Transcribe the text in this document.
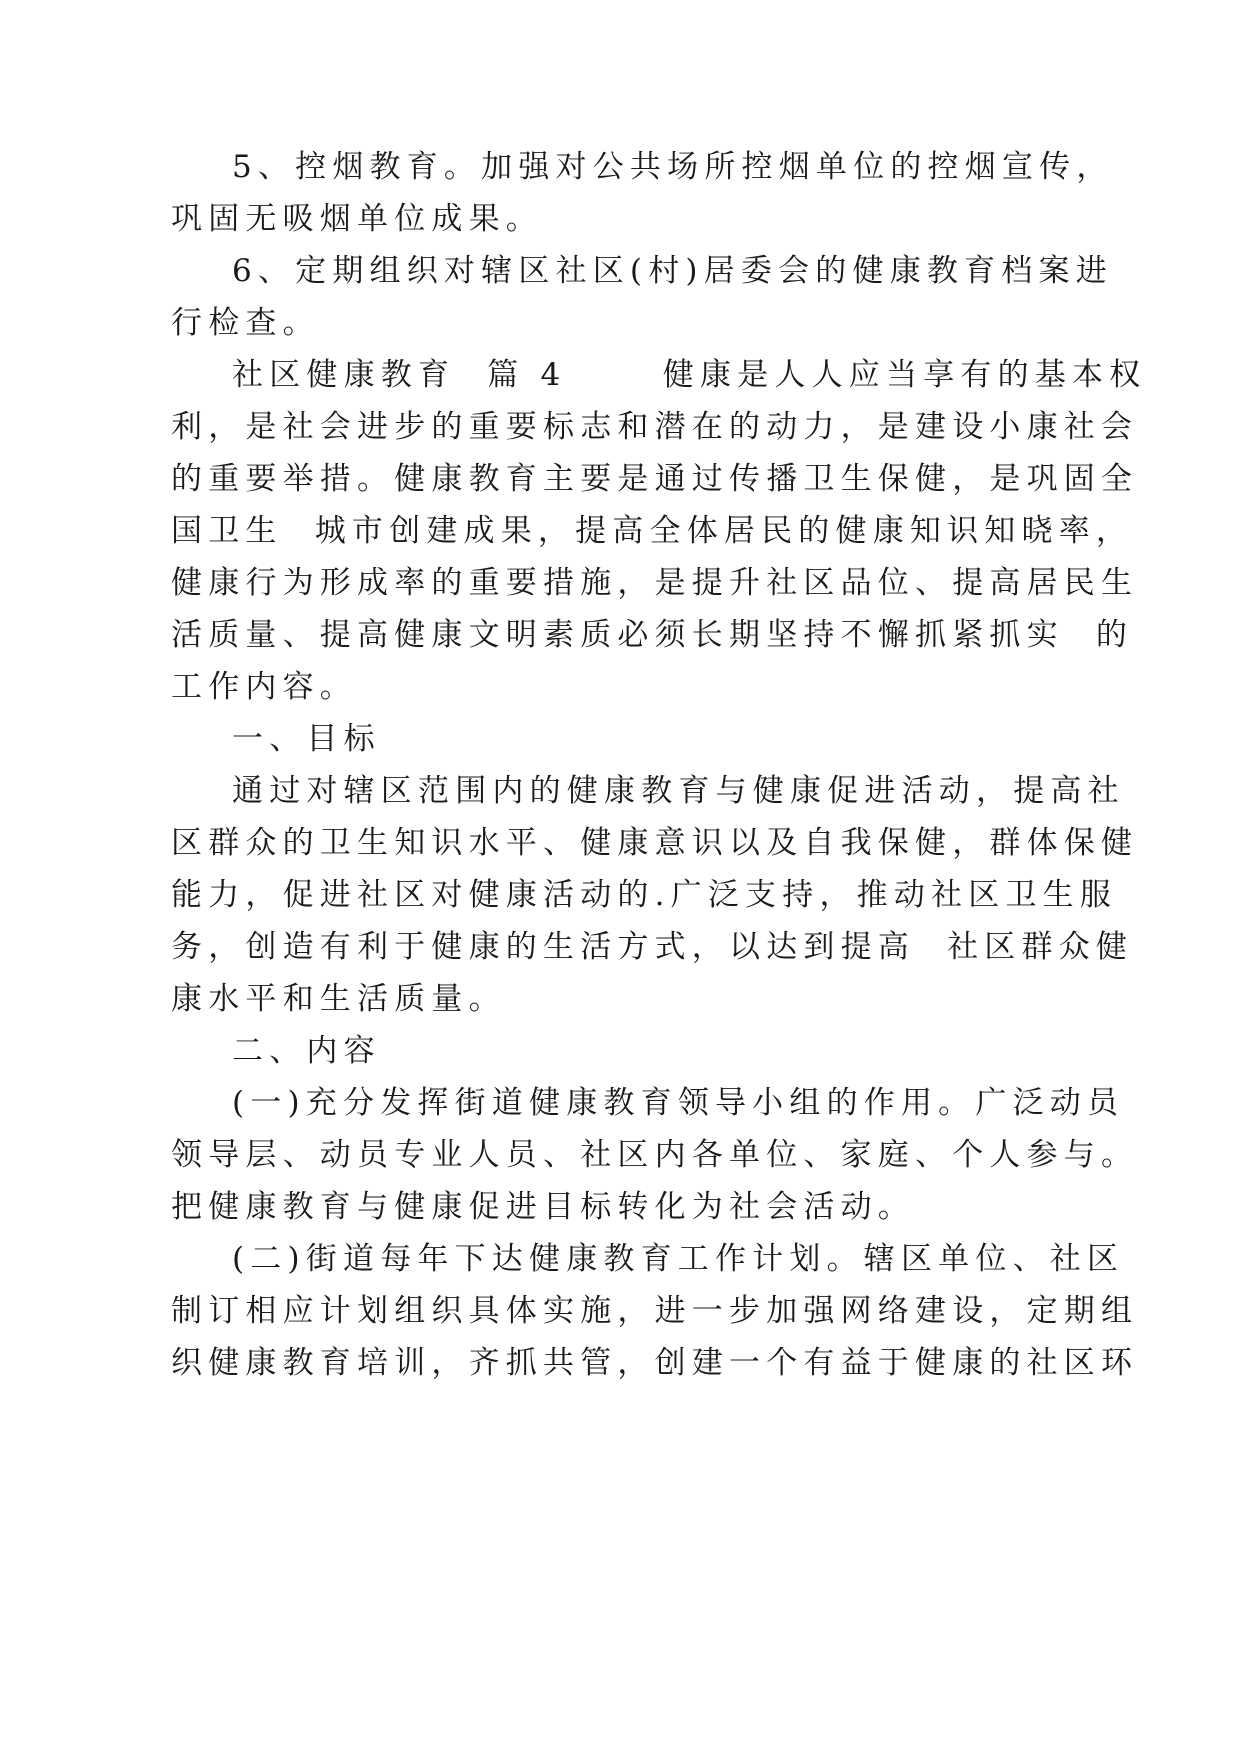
5、控烟教育。加强对公共场所控烟单位的控烟宣传，
巩固无吸烟单位成果。
6、定期组织对辖区社区(村)居委会的健康教育档案进
行检查。
社区健康教育  篇 4      健康是人人应当享有的基本权
利，是社会进步的重要标志和潜在的动力，是建设小康社会
的重要举措。健康教育主要是通过传播卫生保健，是巩固全
国卫生  城市创建成果，提高全体居民的健康知识知晓率，
健康行为形成率的重要措施，是提升社区品位、提高居民生
活质量、提高健康文明素质必须长期坚持不懈抓紧抓实  的
工作内容。
一、目标
通过对辖区范围内的健康教育与健康促进活动，提高社
区群众的卫生知识水平、健康意识以及自我保健，群体保健
能力，促进社区对健康活动的.广泛支持，推动社区卫生服
务，创造有利于健康的生活方式，以达到提高  社区群众健
康水平和生活质量。
二、内容
(一)充分发挥街道健康教育领导小组的作用。广泛动员
领导层、动员专业人员、社区内各单位、家庭、个人参与。
把健康教育与健康促进目标转化为社会活动。
(二)街道每年下达健康教育工作计划。辖区单位、社区
制订相应计划组织具体实施，进一步加强网络建设，定期组
织健康教育培训，齐抓共管，创建一个有益于健康的社区环
